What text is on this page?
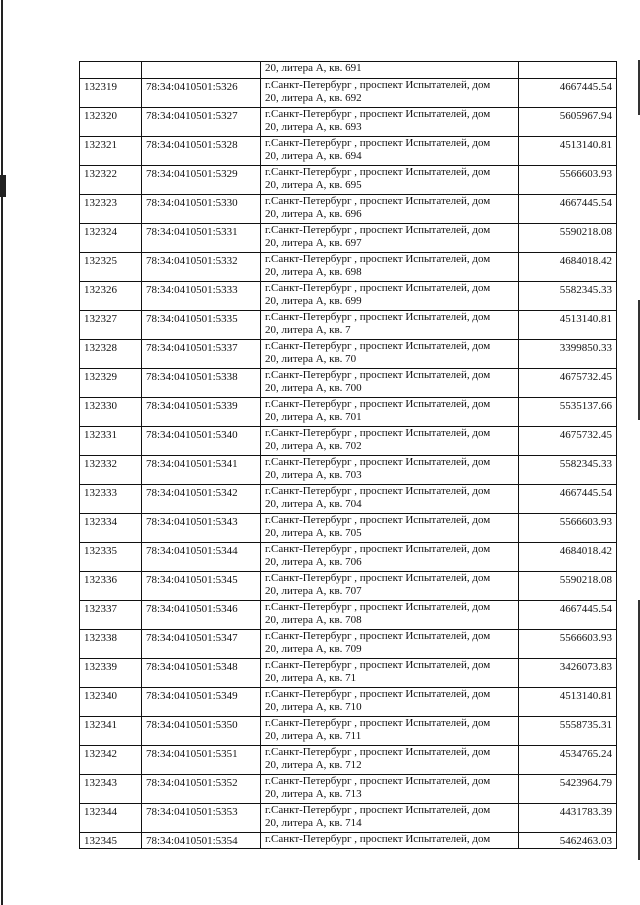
		20, литера А, кв. 691	

132319	78:34:0410501:5326	г.Санкт-Петербург , проспект Испытателей, дом
20, литера А, кв. 692	4667445.54
132320	78:34:0410501:5327	г.Санкт-Петербург , проспект Испытателей, дом
20, литера А, кв. 693	5605967.94
132321	78:34:0410501:5328	г.Санкт-Петербург , проспект Испытателей, дом
20, литера А, кв. 694	4513140.81
132322	78:34:0410501:5329	г.Санкт-Петербург , проспект Испытателей, дом
20, литера А, кв. 695	5566603.93
132323	78:34:0410501:5330	г.Санкт-Петербург , проспект Испытателей, дом
20, литера А, кв. 696	4667445.54
132324	78:34:0410501:5331	г.Санкт-Петербург , проспект Испытателей, дом
20, литера А, кв. 697	5590218.08
132325	78:34:0410501:5332	г.Санкт-Петербург , проспект Испытателей, дом
20, литера А, кв. 698	4684018.42
132326	78:34:0410501:5333	г.Санкт-Петербург , проспект Испытателей, дом
20, литера А, кв. 699	5582345.33
132327	78:34:0410501:5335	г.Санкт-Петербург , проспект Испытателей, дом
20, литера А, кв. 7	4513140.81
132328	78:34:0410501:5337	г.Санкт-Петербург , проспект Испытателей, дом
20, литера А, кв. 70	3399850.33
132329	78:34:0410501:5338	г.Санкт-Петербург , проспект Испытателей, дом
20, литера А, кв. 700	4675732.45
132330	78:34:0410501:5339	г.Санкт-Петербург , проспект Испытателей, дом
20, литера А, кв. 701	5535137.66
132331	78:34:0410501:5340	г.Санкт-Петербург , проспект Испытателей, дом
20, литера А, кв. 702	4675732.45
132332	78:34:0410501:5341	г.Санкт-Петербург , проспект Испытателей, дом
20, литера А, кв. 703	5582345.33
132333	78:34:0410501:5342	г.Санкт-Петербург , проспект Испытателей, дом
20, литера А, кв. 704	4667445.54
132334	78:34:0410501:5343	г.Санкт-Петербург , проспект Испытателей, дом
20, литера А, кв. 705	5566603.93
132335	78:34:0410501:5344	г.Санкт-Петербург , проспект Испытателей, дом
20, литера А, кв. 706	4684018.42
132336	78:34:0410501:5345	г.Санкт-Петербург , проспект Испытателей, дом
20, литера А, кв. 707	5590218.08
132337	78:34:0410501:5346	г.Санкт-Петербург , проспект Испытателей, дом
20, литера А, кв. 708	4667445.54
132338	78:34:0410501:5347	г.Санкт-Петербург , проспект Испытателей, дом
20, литера А, кв. 709	5566603.93
132339	78:34:0410501:5348	г.Санкт-Петербург , проспект Испытателей, дом
20, литера А, кв. 71	3426073.83
132340	78:34:0410501:5349	г.Санкт-Петербург , проспект Испытателей, дом
20, литера А, кв. 710	4513140.81
132341	78:34:0410501:5350	г.Санкт-Петербург , проспект Испытателей, дом
20, литера А, кв. 711	5558735.31
132342	78:34:0410501:5351	г.Санкт-Петербург , проспект Испытателей, дом
20, литера А, кв. 712	4534765.24
132343	78:34:0410501:5352	г.Санкт-Петербург , проспект Испытателей, дом
20, литера А, кв. 713	5423964.79
132344	78:34:0410501:5353	г.Санкт-Петербург , проспект Испытателей, дом
20, литера А, кв. 714	4431783.39
132345	78:34:0410501:5354	г.Санкт-Петербург , проспект Испытателей, дом	5462463.03
